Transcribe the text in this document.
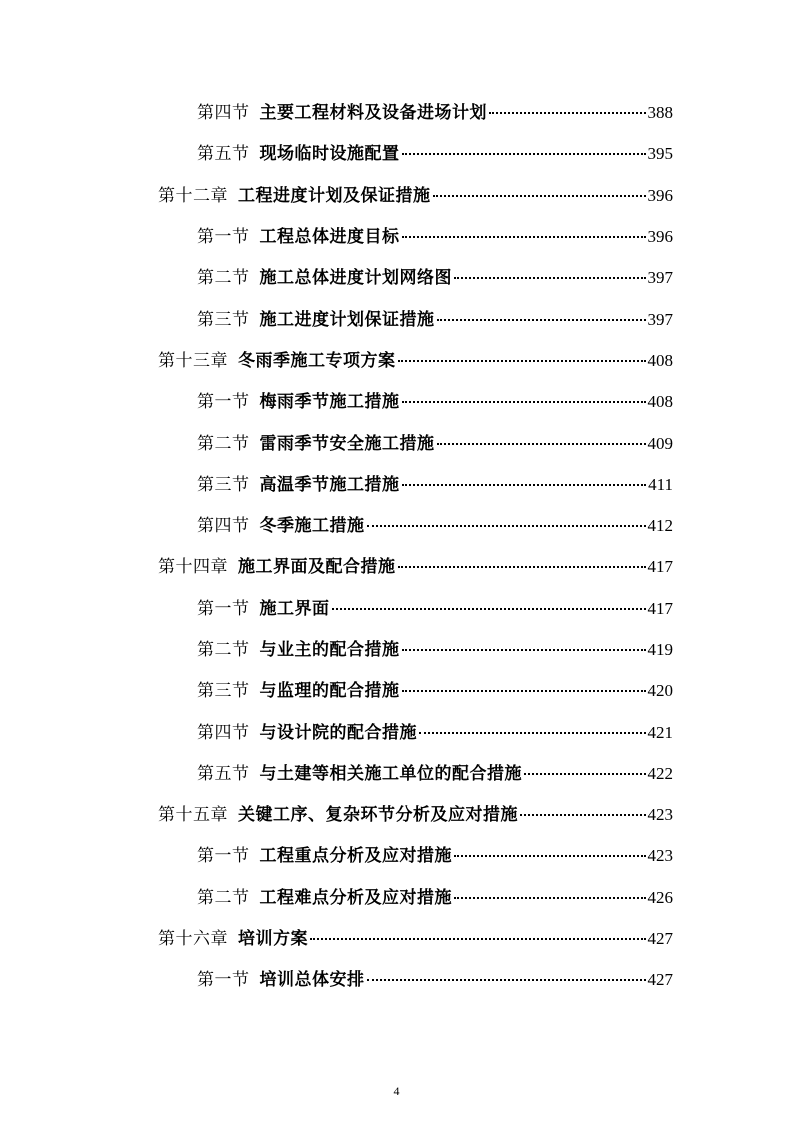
第四节 主要工程材料及设备进场计划	388
第五节 现场临时设施配置	395
第十二章 工程进度计划及保证措施	396
第一节 工程总体进度目标	396
第二节 施工总体进度计划网络图	397
第三节 施工进度计划保证措施	397
第十三章 冬雨季施工专项方案	408
第一节 梅雨季节施工措施	408
第二节 雷雨季节安全施工措施	409
第三节 高温季节施工措施	411
第四节 冬季施工措施	412
第十四章 施工界面及配合措施	417
第一节 施工界面	417
第二节 与业主的配合措施	419
第三节 与监理的配合措施	420
第四节 与设计院的配合措施	421
第五节 与土建等相关施工单位的配合措施	422
第十五章 关键工序、复杂环节分析及应对措施	423
第一节 工程重点分析及应对措施	423
第二节 工程难点分析及应对措施	426
第十六章 培训方案	427
第一节 培训总体安排	427
4
